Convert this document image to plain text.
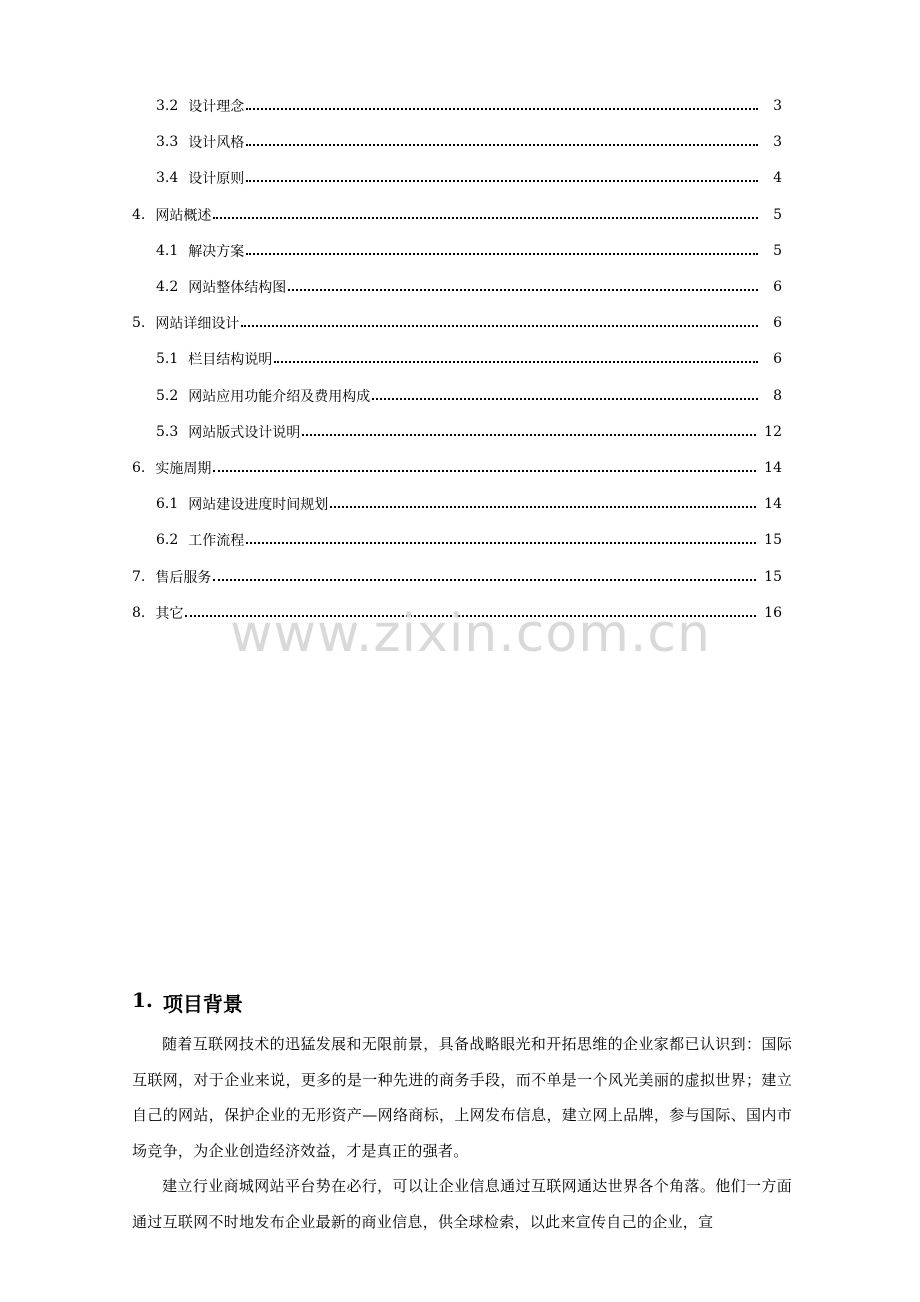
3.2 设计理念	3
3.3 设计风格	3
3.4 设计原则	4
4. 网站概述	5
4.1 解决方案	5
4.2 网站整体结构图	6
5. 网站详细设计	6
5.1 栏目结构说明	6
5.2 网站应用功能介绍及费用构成	8
5.3 网站版式设计说明	12
6. 实施周期	14
6.1 网站建设进度时间规划	14
6.2 工作流程	15
7. 售后服务	15
8. 其它	16
www.zixin.com.cn
1. 项目背景
随着互联网技术的迅猛发展和无限前景，具备战略眼光和开拓思维的企业家都已认识到：国际互联网，对于企业来说，更多的是一种先进的商务手段，而不单是一个风光美丽的虚拟世界；建立自己的网站，保护企业的无形资产—网络商标，上网发布信息，建立网上品牌，参与国际、国内市场竞争，为企业创造经济效益，才是真正的强者。
建立行业商城网站平台势在必行，可以让企业信息通过互联网通达世界各个角落。他们一方面通过互联网不时地发布企业最新的商业信息，供全球检索，以此来宣传自己的企业，宣
